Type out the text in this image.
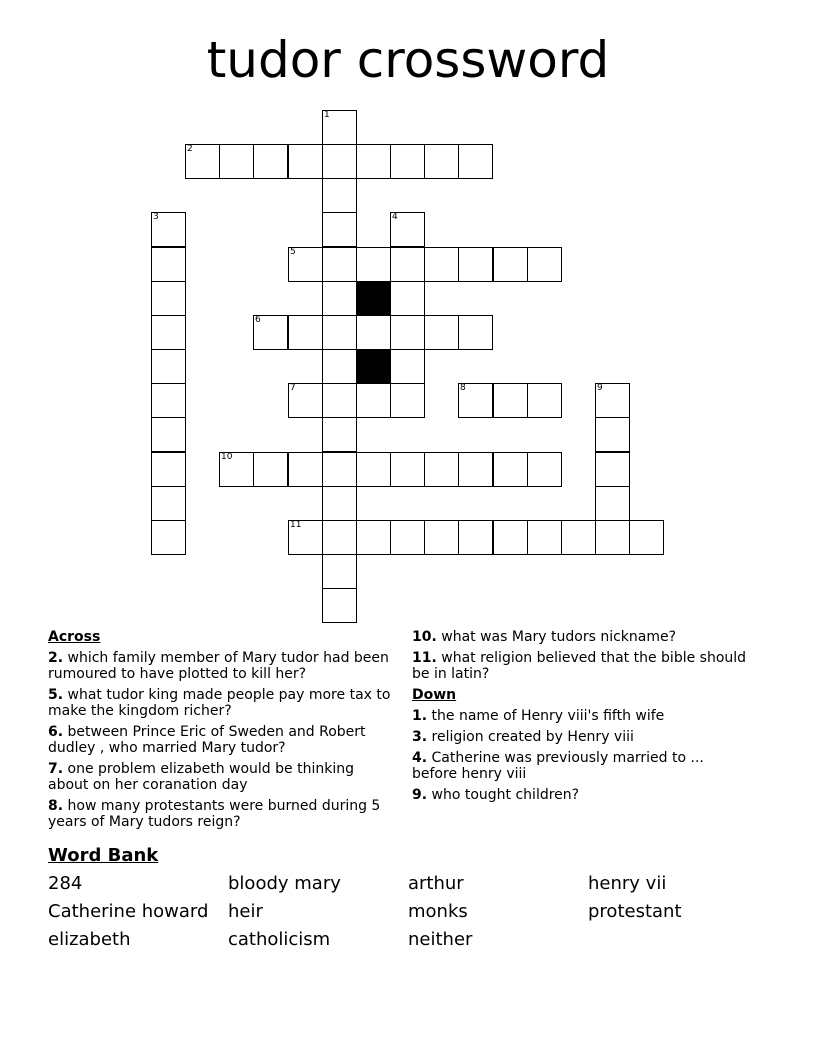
tudor crossword
1
2
3	4
5
6
7	8	9
10
11
Across
2. which family member of Mary tudor had been rumoured to have plotted to kill her?
5. what tudor king made people pay more tax to make the kingdom richer?
6. between Prince Eric of Sweden and Robert dudley , who married Mary tudor?
7. one problem elizabeth would be thinking about on her coranation day
8. how many protestants were burned during 5 years of Mary tudors reign?
10. what was Mary tudors nickname?
11. what religion believed that the bible should be in latin?
Down
1. the name of Henry viii's fifth wife
3. religion created by Henry viii
4. Catherine was previously married to ... before henry viii
9. who tought children?
Word Bank
284	bloody mary	arthur	henry vii
Catherine howard	heir	monks	protestant
elizabeth	catholicism	neither
